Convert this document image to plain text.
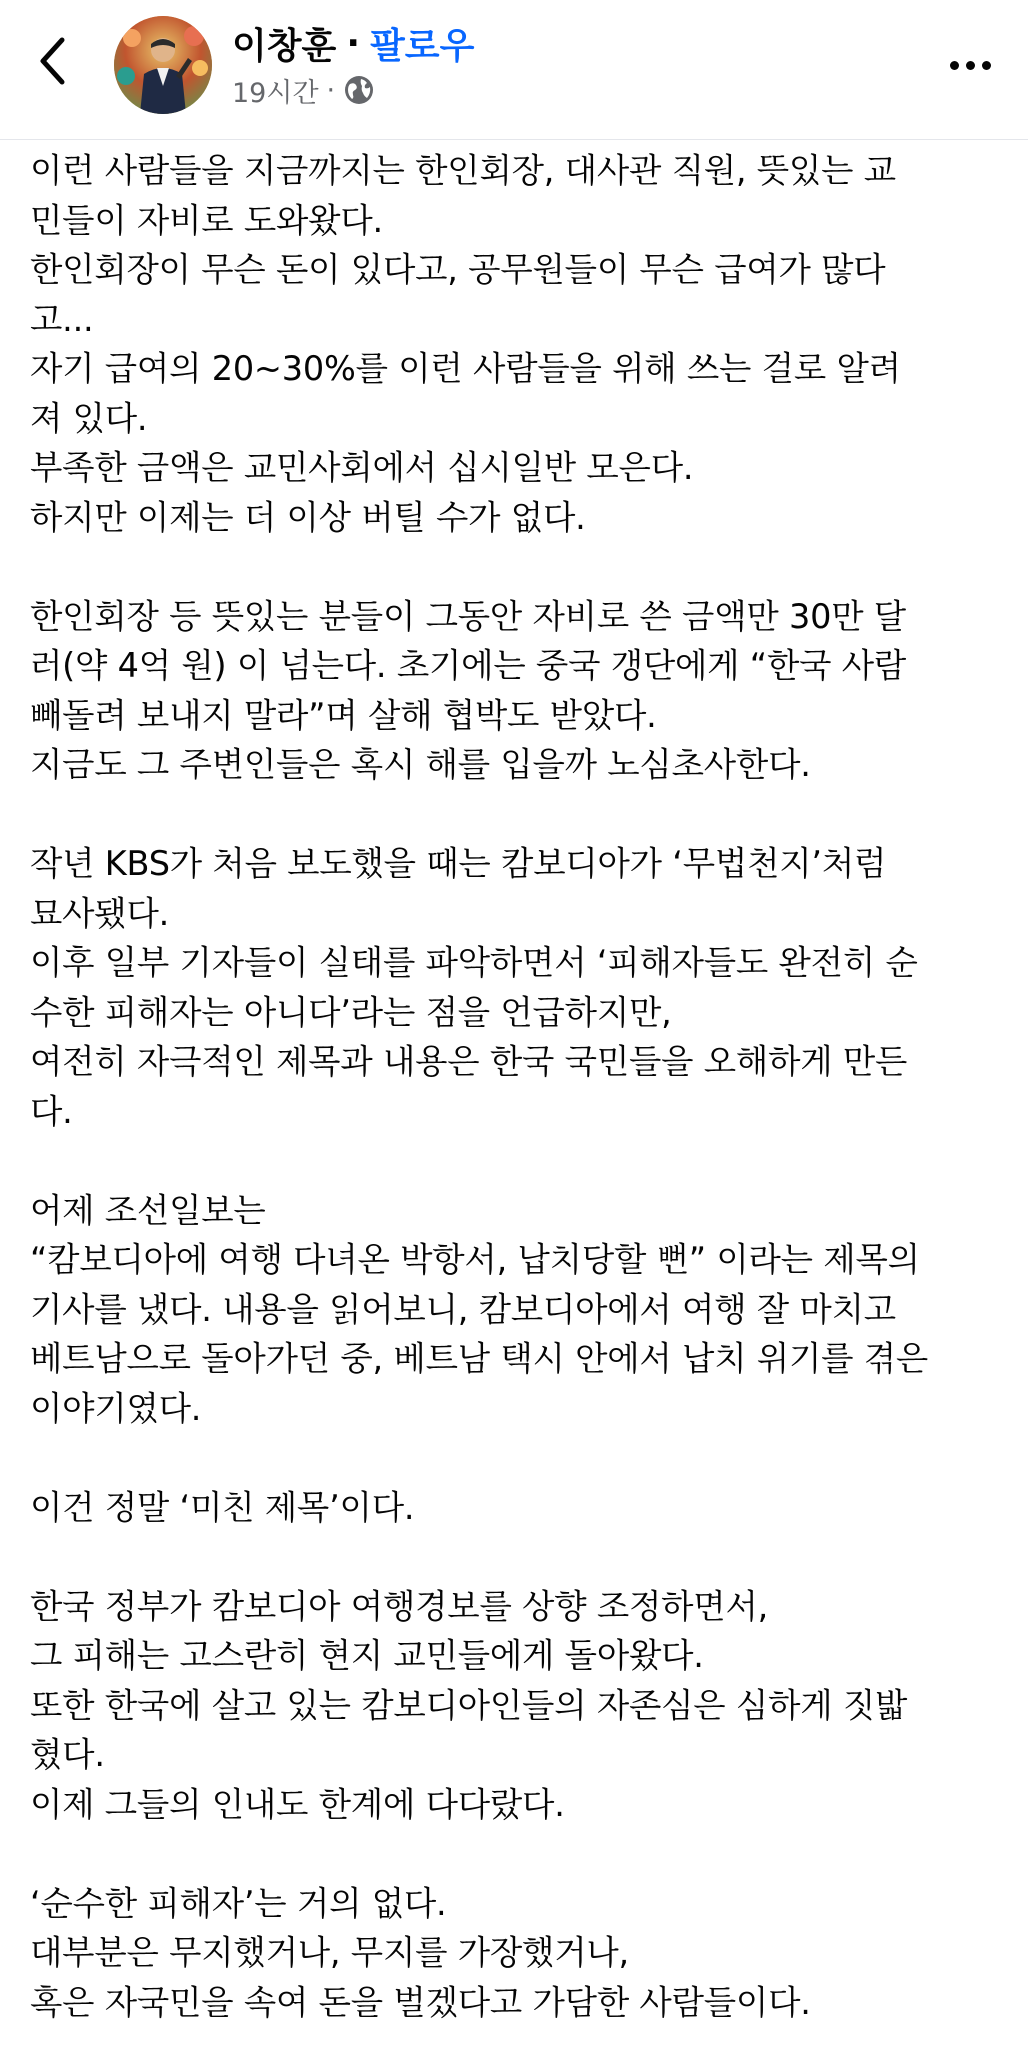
이창훈 · 팔로우
19시간 ·
이런 사람들을 지금까지는 한인회장, 대사관 직원, 뜻있는 교
민들이 자비로 도와왔다.
한인회장이 무슨 돈이 있다고, 공무원들이 무슨 급여가 많다
고...
자기 급여의 20~30%를 이런 사람들을 위해 쓰는 걸로 알려
져 있다.
부족한 금액은 교민사회에서 십시일반 모은다.
하지만 이제는 더 이상 버틸 수가 없다.
한인회장 등 뜻있는 분들이 그동안 자비로 쓴 금액만 30만 달
러(약 4억 원) 이 넘는다. 초기에는 중국 갱단에게 “한국 사람
빼돌려 보내지 말라”며 살해 협박도 받았다.
지금도 그 주변인들은 혹시 해를 입을까 노심초사한다.
작년 KBS가 처음 보도했을 때는 캄보디아가 ‘무법천지’처럼
묘사됐다.
이후 일부 기자들이 실태를 파악하면서 ‘피해자들도 완전히 순
수한 피해자는 아니다’라는 점을 언급하지만,
여전히 자극적인 제목과 내용은 한국 국민들을 오해하게 만든
다.
어제 조선일보는
“캄보디아에 여행 다녀온 박항서, 납치당할 뻔” 이라는 제목의
기사를 냈다. 내용을 읽어보니, 캄보디아에서 여행 잘 마치고
베트남으로 돌아가던 중, 베트남 택시 안에서 납치 위기를 겪은
이야기였다.
이건 정말 ‘미친 제목’이다.
한국 정부가 캄보디아 여행경보를 상향 조정하면서,
그 피해는 고스란히 현지 교민들에게 돌아왔다.
또한 한국에 살고 있는 캄보디아인들의 자존심은 심하게 짓밟
혔다.
이제 그들의 인내도 한계에 다다랐다.
‘순수한 피해자’는 거의 없다.
대부분은 무지했거나, 무지를 가장했거나,
혹은 자국민을 속여 돈을 벌겠다고 가담한 사람들이다.
